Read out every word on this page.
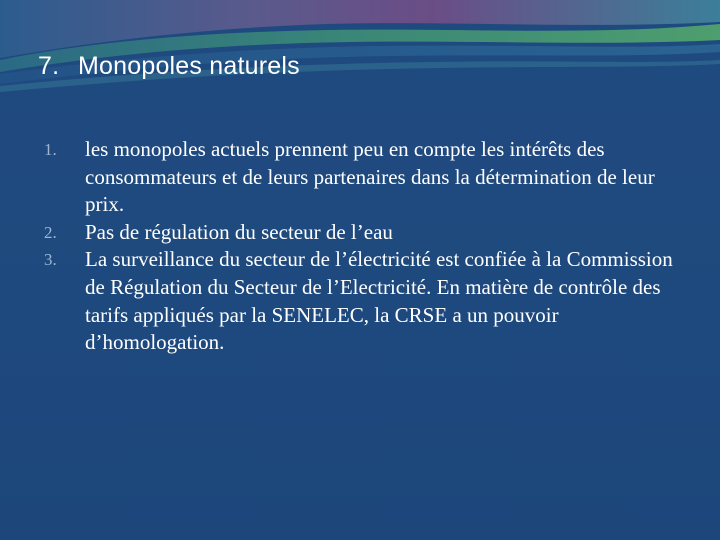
7. Monopoles naturels
1. les monopoles actuels prennent peu en compte les intérêts des consommateurs et de leurs partenaires dans la détermination de leur prix.
2. Pas de régulation du secteur de l’eau
3. La surveillance du secteur de l’électricité est confiée à la Commission de Régulation du Secteur de l’Electricité. En matière de contrôle des tarifs appliqués par la SENELEC, la CRSE a un pouvoir d’homologation.
